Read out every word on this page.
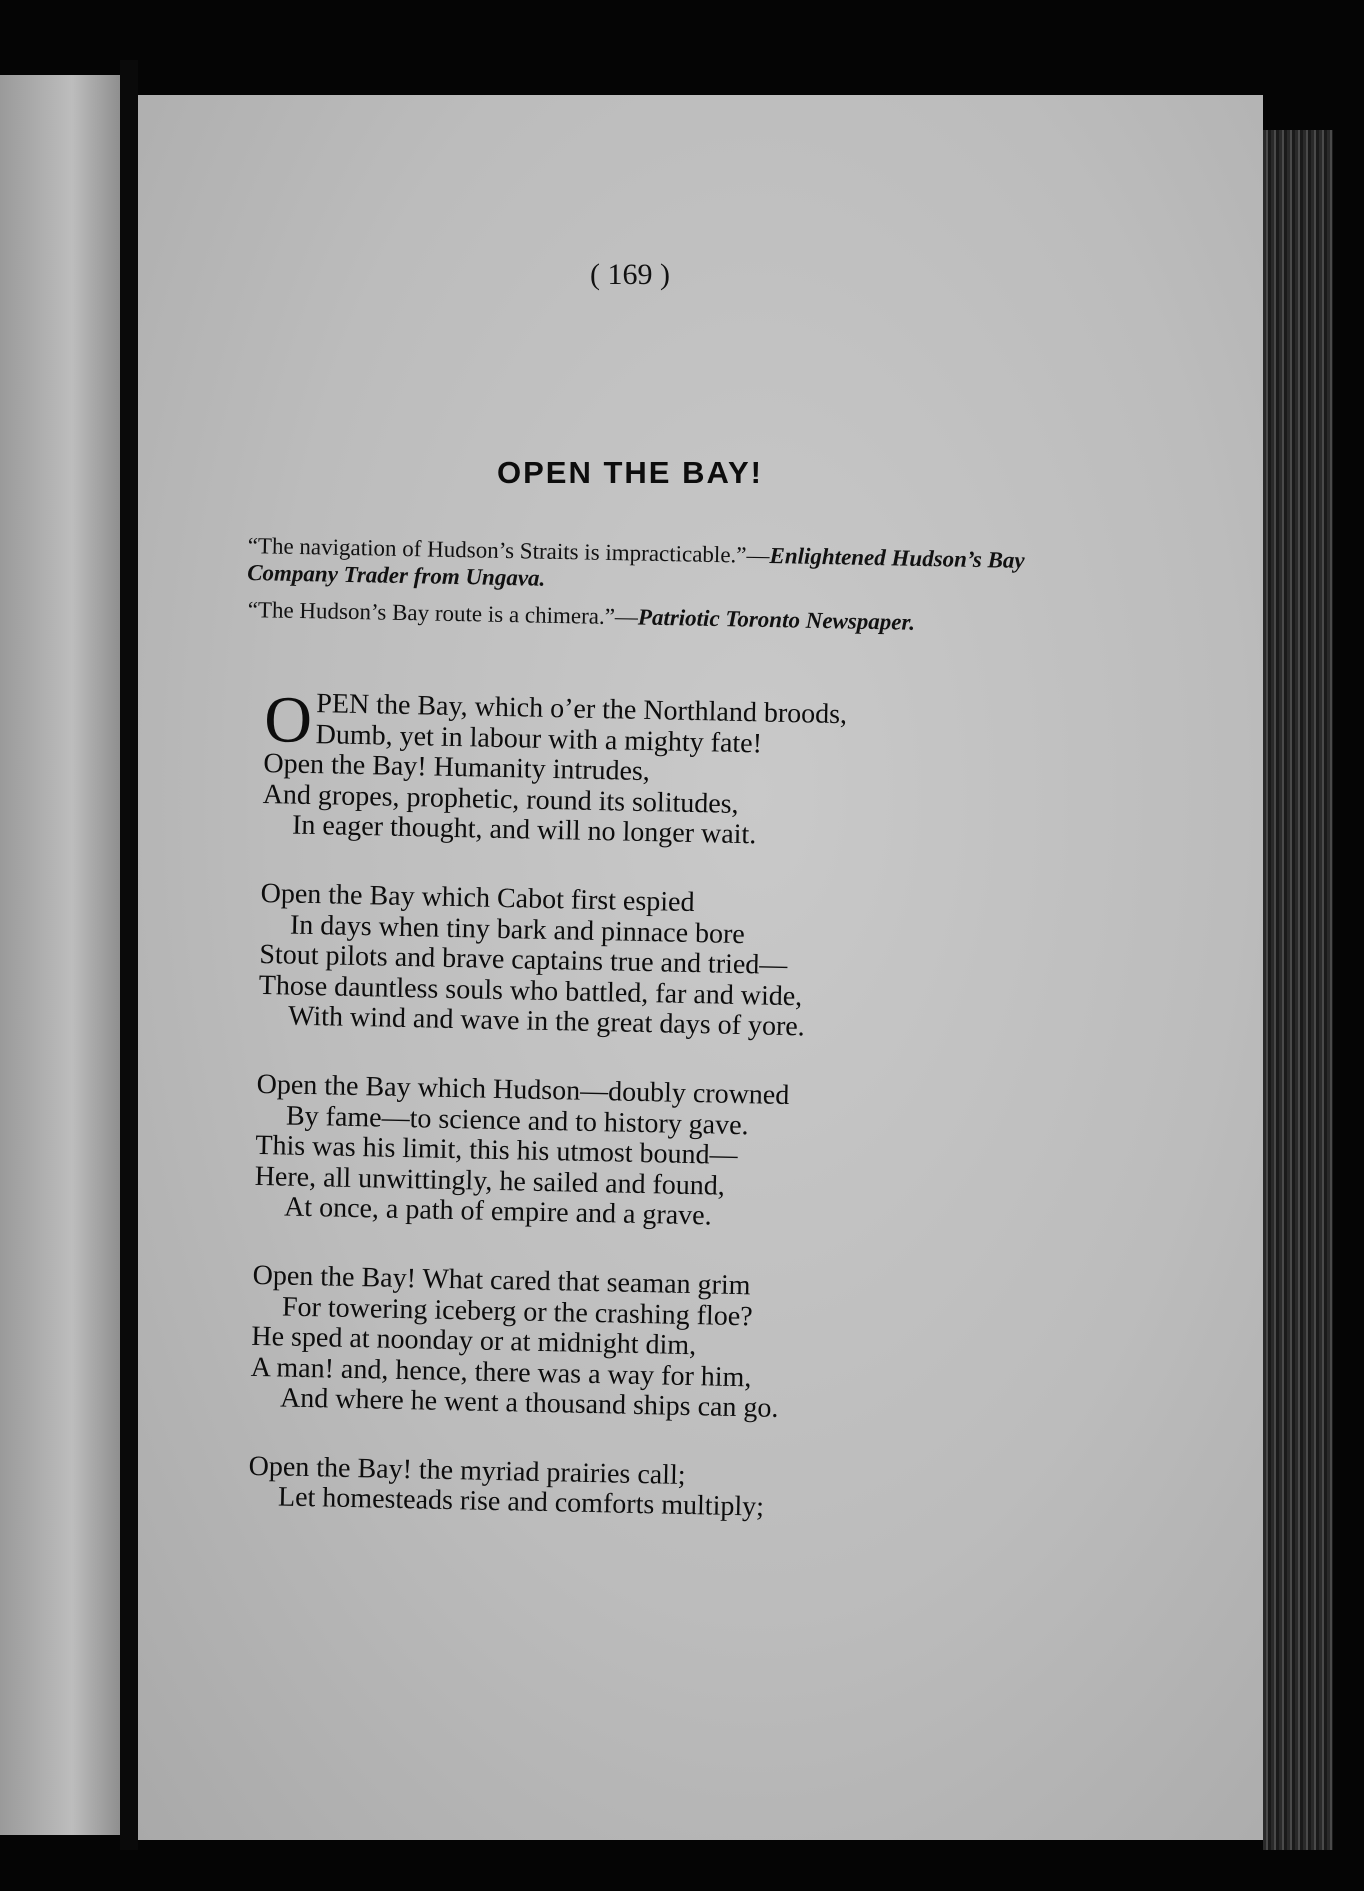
( 169 )
OPEN THE BAY!
“The navigation of Hudson’s Straits is impracticable.”—Enlightened Hudson’s Bay Company Trader from Ungava.
“The Hudson’s Bay route is a chimera.”—Patriotic Toronto Newspaper.
O PEN the Bay, which o’er the Northland broods,
Dumb, yet in labour with a mighty fate!
Open the Bay! Humanity intrudes,
And gropes, prophetic, round its solitudes,
In eager thought, and will no longer wait.
Open the Bay which Cabot first espied
In days when tiny bark and pinnace bore
Stout pilots and brave captains true and tried—
Those dauntless souls who battled, far and wide,
With wind and wave in the great days of yore.
Open the Bay which Hudson—doubly crowned
By fame—to science and to history gave.
This was his limit, this his utmost bound—
Here, all unwittingly, he sailed and found,
At once, a path of empire and a grave.
Open the Bay! What cared that seaman grim
For towering iceberg or the crashing floe?
He sped at noonday or at midnight dim,
A man! and, hence, there was a way for him,
And where he went a thousand ships can go.
Open the Bay! the myriad prairies call;
Let homesteads rise and comforts multiply;
